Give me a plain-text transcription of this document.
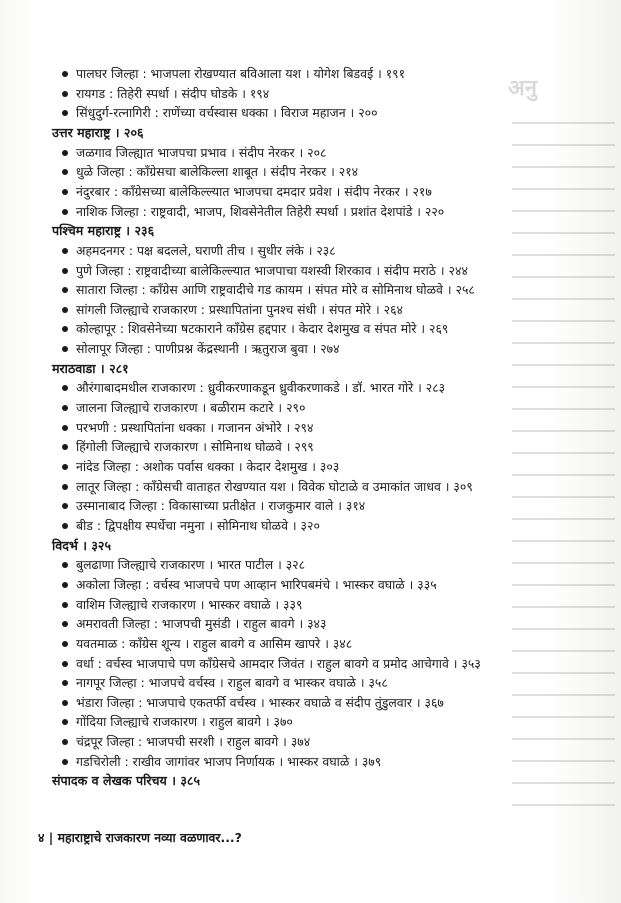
अनु
पालघर जिल्हा : भाजपला रोखण्यात बविआला यश । योगेश बिडवई । १९१
रायगड : तिहेरी स्पर्धा । संदीप घोडके । १९४
सिंधुदुर्ग-रत्नागिरी : राणेंच्या वर्चस्वास धक्का । विराज महाजन । २००
उत्तर महाराष्ट्र । २०६
जळगाव जिल्ह्यात भाजपचा प्रभाव । संदीप नेरकर । २०८
धुळे जिल्हा : काँग्रेसचा बालेकिल्ला शाबूत । संदीप नेरकर । २१४
नंदुरबार : काँग्रेसच्या बालेकिल्ल्यात भाजपचा दमदार प्रवेश । संदीप नेरकर । २१७
नाशिक जिल्हा : राष्ट्रवादी, भाजप, शिवसेनेतील तिहेरी स्पर्धा । प्रशांत देशपांडे । २२०
पश्चिम महाराष्ट्र । २३६
अहमदनगर : पक्ष बदलले, घराणी तीच । सुधीर लंके । २३८
पुणे जिल्हा : राष्ट्रवादीच्या बालेकिल्ल्यात भाजपाचा यशस्वी शिरकाव । संदीप मराठे । २४४
सातारा जिल्हा : काँग्रेस आणि राष्ट्रवादीचे गड कायम । संपत मोरे व सोमिनाथ घोळवे । २५८
सांगली जिल्ह्याचे राजकारण : प्रस्थापितांना पुनश्च संधी । संपत मोरे । २६४
कोल्हापूर : शिवसेनेच्या षटकाराने काँग्रेस हद्दपार । केदार देशमुख व संपत मोरे । २६९
सोलापूर जिल्हा : पाणीप्रश्न केंद्रस्थानी । ऋतुराज बुवा । २७४
मराठवाडा । २८१
औरंगाबादमधील राजकारण : ध्रुवीकरणाकडून ध्रुवीकरणाकडे । डॉ. भारत गोरे । २८३
जालना जिल्ह्याचे राजकारण । बळीराम कटारे । २९०
परभणी : प्रस्थापितांना धक्का । गजानन अंभोरे । २९४
हिंगोली जिल्ह्याचे राजकारण । सोमिनाथ घोळवे । २९९
नांदेड जिल्हा : अशोक पर्वास धक्का । केदार देशमुख । ३०३
लातूर जिल्हा : काँग्रेसची वाताहत रोखण्यात यश । विवेक घोटाळे व उमाकांत जाधव । ३०९
उस्मानाबाद जिल्हा : विकासाच्या प्रतीक्षेत । राजकुमार वाले । ३१४
बीड : द्विपक्षीय स्पर्धेचा नमुना । सोमिनाथ घोळवे । ३२०
विदर्भ । ३२५
बुलढाणा जिल्ह्याचे राजकारण । भारत पाटील । ३२८
अकोला जिल्हा : वर्चस्व भाजपचे पण आव्हान भारिपबमंचे । भास्कर वघाळे । ३३५
वाशिम जिल्ह्याचे राजकारण । भास्कर वघाळे । ३३९
अमरावती जिल्हा : भाजपची मुसंडी । राहुल बावगे । ३४३
यवतमाळ : काँग्रेस शून्य । राहुल बावगे व आसिम खापरे । ३४८
वर्धा : वर्चस्व भाजपाचे पण काँग्रेसचे आमदार जिवंत । राहुल बावगे व प्रमोद आचेगावे । ३५३
नागपूर जिल्हा : भाजपचे वर्चस्व । राहुल बावगे व भास्कर वघाळे । ३५८
भंडारा जिल्हा : भाजपाचे एकतर्फी वर्चस्व । भास्कर वघाळे व संदीप तुंडुलवार । ३६७
गोंदिया जिल्ह्याचे राजकारण । राहुल बावगे । ३७०
चंद्रपूर जिल्हा : भाजपची सरशी । राहुल बावगे । ३७४
गडचिरोली : राखीव जागांवर भाजप निर्णायक । भास्कर वघाळे । ३७९
संपादक व लेखक परिचय । ३८५
४ | महाराष्ट्राचे राजकारण नव्या वळणावर...?
